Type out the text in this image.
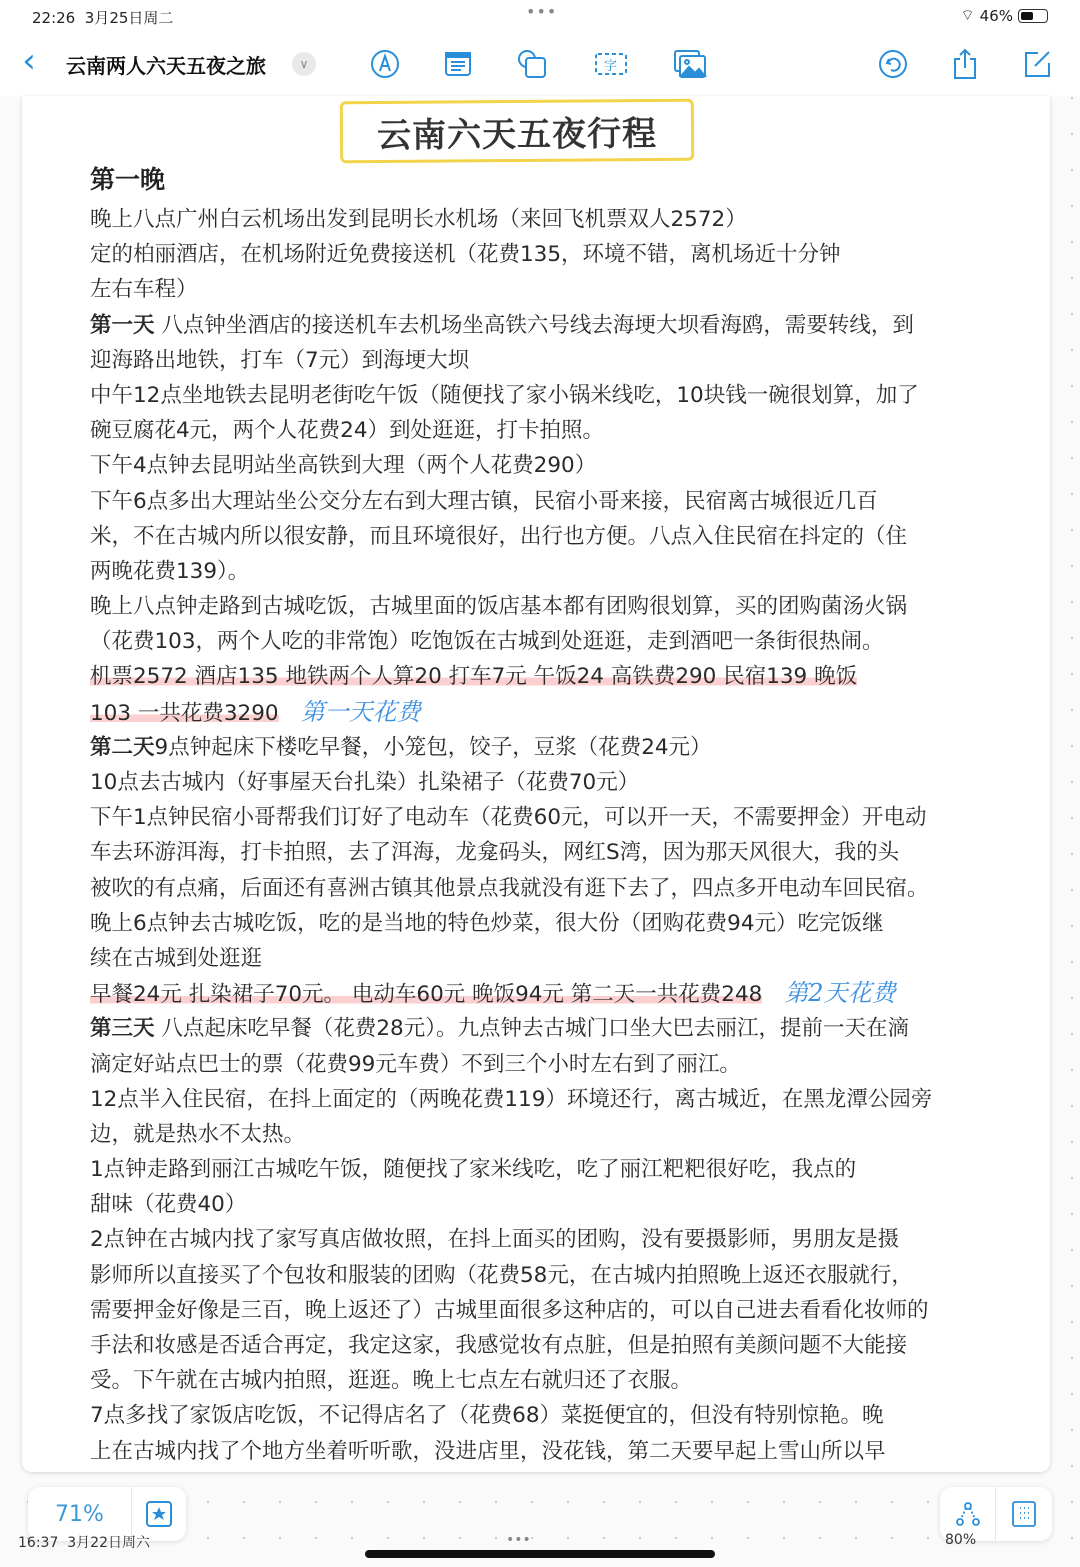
22:26 3月25日周二	•••	⌔ 46%
‹ 云南两人六天五夜之旅	∨	字
云南六天五夜行程
第一晚
晚上八点广州白云机场出发到昆明长水机场（来回飞机票双人2572）
定的柏丽酒店，在机场附近免费接送机（花费135，环境不错，离机场近十分钟
左右车程）
第一天 八点钟坐酒店的接送机车去机场坐高铁六号线去海埂大坝看海鸥，需要转线，到
迎海路出地铁，打车（7元）到海埂大坝
中午12点坐地铁去昆明老街吃午饭（随便找了家小锅米线吃，10块钱一碗很划算，加了
碗豆腐花4元，两个人花费24）到处逛逛，打卡拍照。
下午4点钟去昆明站坐高铁到大理（两个人花费290）
下午6点多出大理站坐公交分左右到大理古镇，民宿小哥来接，民宿离古城很近几百
米，不在古城内所以很安静，而且环境很好，出行也方便。八点入住民宿在抖定的（住
两晚花费139）。
晚上八点钟走路到古城吃饭，古城里面的饭店基本都有团购很划算，买的团购菌汤火锅
（花费103，两个人吃的非常饱）吃饱饭在古城到处逛逛，走到酒吧一条街很热闹。
机票2572 酒店135 地铁两个人算20 打车7元 午饭24 高铁费290 民宿139 晚饭
103 一共花费3290 第一天花费
第二天9点钟起床下楼吃早餐，小笼包，饺子，豆浆（花费24元）
10点去古城内（好事屋天台扎染）扎染裙子（花费70元）
下午1点钟民宿小哥帮我们订好了电动车（花费60元，可以开一天，不需要押金）开电动
车去环游洱海，打卡拍照，去了洱海，龙龛码头，网红S湾，因为那天风很大，我的头
被吹的有点痛，后面还有喜洲古镇其他景点我就没有逛下去了，四点多开电动车回民宿。
晚上6点钟去古城吃饭，吃的是当地的特色炒菜，很大份（团购花费94元）吃完饭继
续在古城到处逛逛
早餐24元 扎染裙子70元。 电动车60元 晚饭94元 第二天一共花费248 第2天花费
第三天 八点起床吃早餐（花费28元）。九点钟去古城门口坐大巴去丽江，提前一天在滴
滴定好站点巴士的票（花费99元车费）不到三个小时左右到了丽江。
12点半入住民宿，在抖上面定的（两晚花费119）环境还行，离古城近，在黑龙潭公园旁
边，就是热水不太热。
1点钟走路到丽江古城吃午饭，随便找了家米线吃，吃了丽江粑粑很好吃，我点的
甜味（花费40）
2点钟在古城内找了家写真店做妆照，在抖上面买的团购，没有要摄影师，男朋友是摄
影师所以直接买了个包妆和服装的团购（花费58元，在古城内拍照晚上返还衣服就行，
需要押金好像是三百，晚上返还了）古城里面很多这种店的，可以自己进去看看化妆师的
手法和妆感是否适合再定，我定这家，我感觉妆有点脏，但是拍照有美颜问题不大能接
受。下午就在古城内拍照，逛逛。晚上七点左右就归还了衣服。
7点多找了家饭店吃饭，不记得店名了（花费68）菜挺便宜的，但没有特别惊艳。晚
上在古城内找了个地方坐着听听歌，没进店里，没花钱，第二天要早起上雪山所以早
71%
16:37 3月22日周六	•••	80%
